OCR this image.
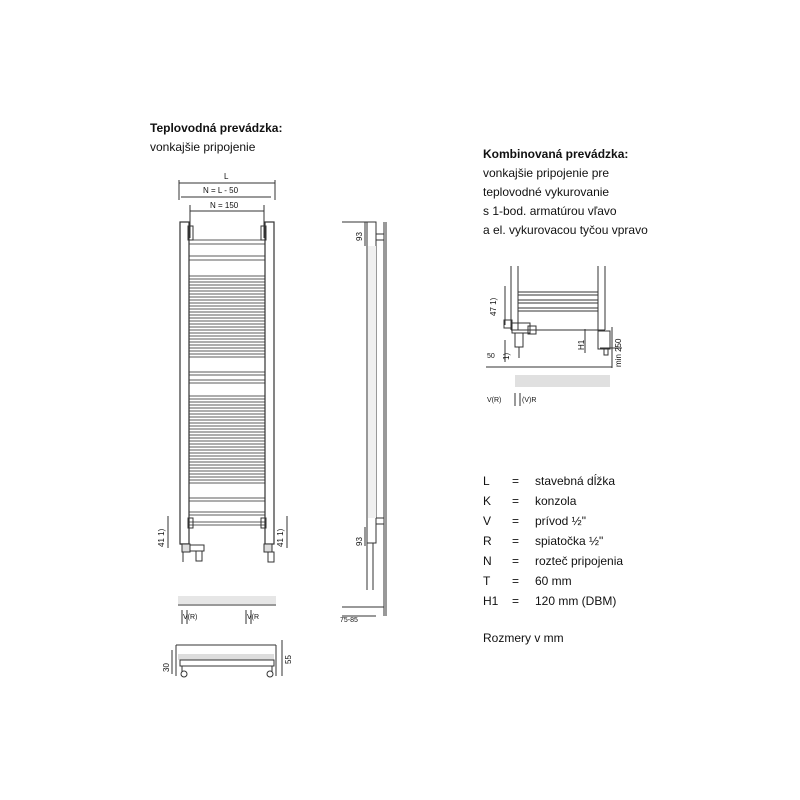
Teplovodná prevádzka:
vonkajšie pripojenie	Kombinovaná prevádzka:
vonkajšie pripojenie pre
teplovodné vykurovanie
s 1-bod. armatúrou vľavo
a el. vykurovacou tyčou vpravo
L
N = L - 50
N = 150
41 1)
41 1)
93
93
75-85
V(R)	V(R
30
55
47 1)
50 1)
H1	min 250
V(R)	(V)R
L = stavebná dĺžka
K = konzola
V = prívod ½"
R = spiatočka ½"
N = rozteč pripojenia
T = 60 mm
H1 = 120 mm (DBM)
Rozmery v mm
